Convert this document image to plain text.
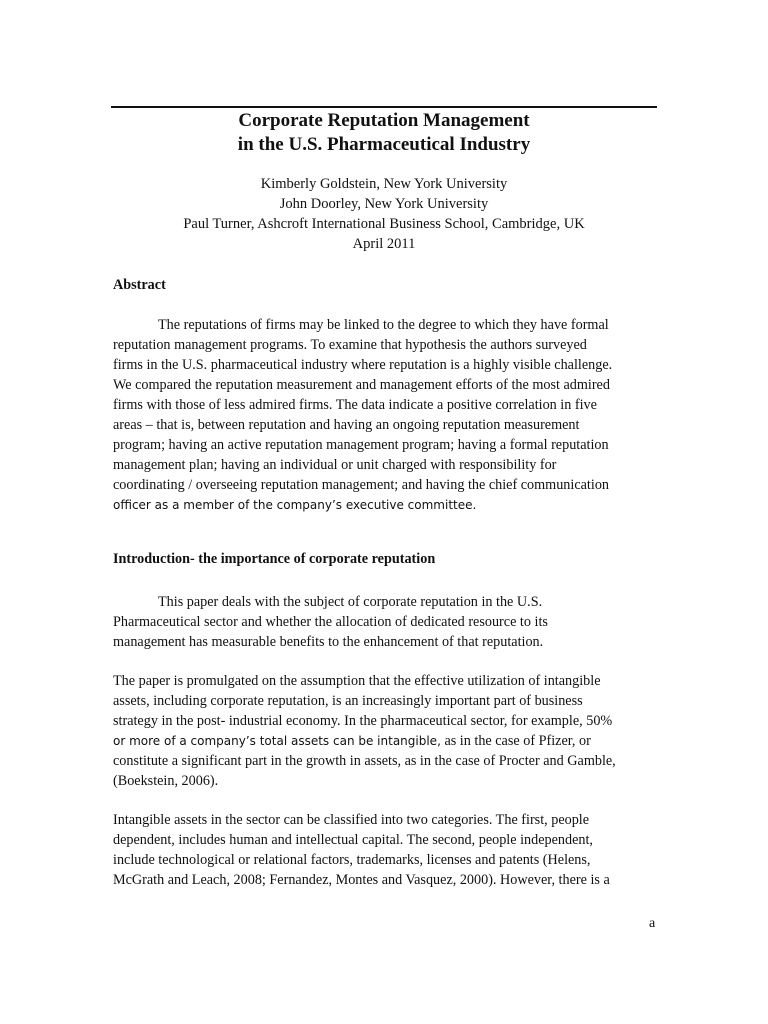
Corporate Reputation Management
in the U.S. Pharmaceutical Industry
Kimberly Goldstein, New York University
John Doorley, New York University
Paul Turner, Ashcroft International Business School, Cambridge, UK
April 2011
Abstract

The reputations of firms may be linked to the degree to which they have formal
reputation management programs. To examine that hypothesis the authors surveyed
firms in the U.S. pharmaceutical industry where reputation is a highly visible challenge.
We compared the reputation measurement and management efforts of the most admired
firms with those of less admired firms. The data indicate a positive correlation in five
areas – that is, between reputation and having an ongoing reputation measurement
program; having an active reputation management program; having a formal reputation
management plan; having an individual or unit charged with responsibility for
coordinating / overseeing reputation management; and having the chief communication
officer as a member of the company’s executive committee.

Introduction- the importance of corporate reputation

This paper deals with the subject of corporate reputation in the U.S.
Pharmaceutical sector and whether the allocation of dedicated resource to its
management has measurable benefits to the enhancement of that reputation.

The paper is promulgated on the assumption that the effective utilization of intangible
assets, including corporate reputation, is an increasingly important part of business
strategy in the post- industrial economy. In the pharmaceutical sector, for example, 50%
or more of a company’s total assets can be intangible, as in the case of Pfizer, or
constitute a significant part in the growth in assets, as in the case of Procter and Gamble,
(Boekstein, 2006).

Intangible assets in the sector can be classified into two categories. The first, people
dependent, includes human and intellectual capital. The second, people independent,
include technological or relational factors, trademarks, licenses and patents (Helens,
McGrath and Leach, 2008; Fernandez, Montes and Vasquez, 2000). However, there is a

a
